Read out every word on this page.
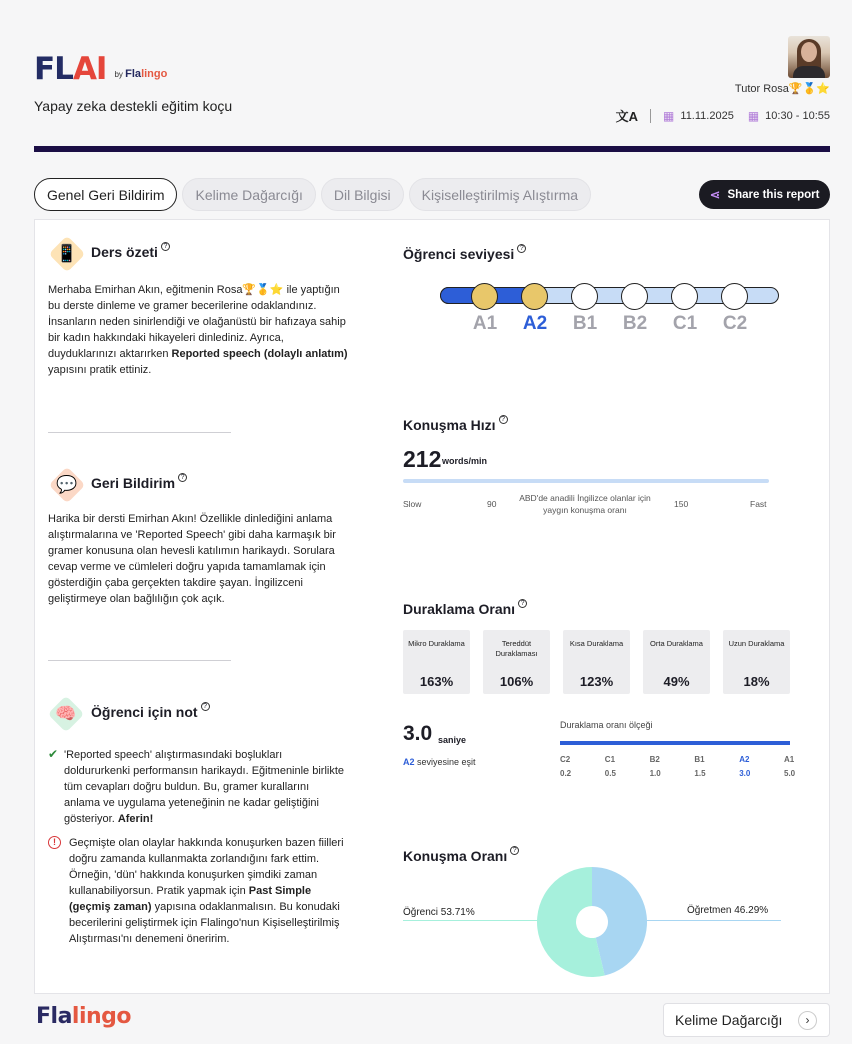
FLAI by Flalingo
Yapay zeka destekli eğitim koçu
Tutor Rosa🏆🥇⭐
文A ▦ 11.11.2025 ▦ 10:30 - 10:55
Genel Geri Bildirim	Kelime Dağarcığı	Dil Bilgisi	Kişiselleştirilmiş Alıştırma	⋖ Share this report
📱 Ders özeti ?
Merhaba Emirhan Akın, eğitmenin Rosa🏆🥇⭐ ile yaptığın bu derste dinleme ve gramer becerilerine odaklandınız. İnsanların neden sinirlendiği ve olağanüstü bir hafızaya sahip bir kadın hakkındaki hikayeleri dinlediniz. Ayrıca, duyduklarınızı aktarırken Reported speech (dolaylı anlatım) yapısını pratik ettiniz.
💬 Geri Bildirim ?
Harika bir dersti Emirhan Akın! Özellikle dinlediğini anlama alıştırmalarına ve 'Reported Speech' gibi daha karmaşık bir gramer konusuna olan hevesli katılımın harikaydı. Sorulara cevap verme ve cümleleri doğru yapıda tamamlamak için gösterdiğin çaba gerçekten takdire şayan. İngilizceni geliştirmeye olan bağlılığın çok açık.
🧠 Öğrenci için not ?
✔ 'Reported speech' alıştırmasındaki boşlukları doldururkenki performansın harikaydı. Eğitmeninle birlikte tüm cevapları doğru buldun. Bu, gramer kurallarını anlama ve uygulama yeteneğinin ne kadar geliştiğini gösteriyor. Aferin!
!	Geçmişte olan olaylar hakkında konuşurken bazen fiilleri doğru zamanda kullanmakta zorlandığını fark ettim. Örneğin, 'dün' hakkında konuşurken şimdiki zaman kullanabiliyorsun. Pratik yapmak için Past Simple (geçmiş zaman) yapısına odaklanmalısın. Bu konudaki becerilerini geliştirmek için Flalingo'nun Kişiselleştirilmiş Alıştırması'nı denemeni öneririm.
Öğrenci seviyesi ?
A1	A2	B1	B2	C1	C2
Konuşma Hızı ?
212 words/min
Slow	90
ABD'de anadili İngilizce olanlar için yaygın konuşma oranı
150	Fast
Duraklama Oranı ?
Mikro Duraklama
163%
Tereddüt Duraklaması
106%
Kısa Duraklama
123%
Orta Duraklama
49%
Uzun Duraklama
18%
3.0 saniye
A2 seviyesine eşit
Duraklama oranı ölçeği
C2
0.2
C1
0.5
B2
1.0
B1
1.5
A2
3.0
A1
5.0
Konuşma Oranı ?
Öğrenci 53.71%	Öğretmen 46.29%
Flalingo	Kelime Dağarcığı	›
